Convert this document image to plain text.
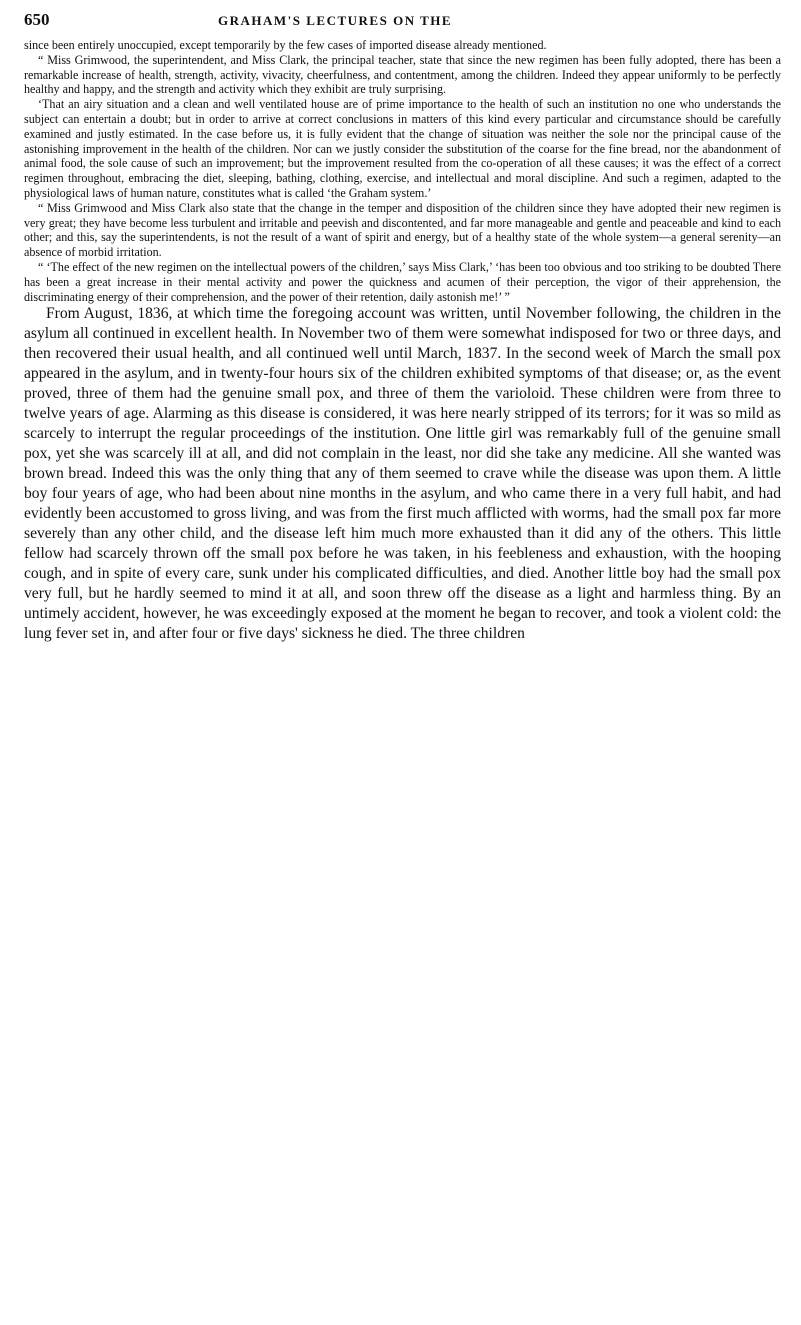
650	GRAHAM'S LECTURES ON THE

since been entirely unoccupied, except temporarily by the few cases of imported disease already mentioned.

“ Miss Grimwood, the superintendent, and Miss Clark, the principal teacher, state that since the new regimen has been fully adopted, there has been a remarkable increase of health, strength, activity, vivacity, cheerfulness, and contentment, among the children. Indeed they appear uniformly to be perfectly healthy and happy, and the strength and activity which they exhibit are truly surprising.

‘That an airy situation and a clean and well ventilated house are of prime importance to the health of such an institution no one who understands the subject can entertain a doubt; but in order to arrive at correct conclusions in matters of this kind every particular and circumstance should be carefully examined and justly estimated. In the case before us, it is fully evident that the change of situation was neither the sole nor the principal cause of the astonishing improvement in the health of the children. Nor can we justly consider the substitution of the coarse for the fine bread, nor the abandonment of animal food, the sole cause of such an improvement; but the improvement resulted from the co-operation of all these causes; it was the effect of a correct regimen throughout, embracing the diet, sleeping, bathing, clothing, exercise, and intellectual and moral discipline. And such a regimen, adapted to the physiological laws of human nature, constitutes what is called ‘the Graham system.’

“ Miss Grimwood and Miss Clark also state that the change in the temper and disposition of the children since they have adopted their new regimen is very great; they have become less turbulent and irritable and peevish and discontented, and far more manageable and gentle and peaceable and kind to each other; and this, say the superintendents, is not the result of a want of spirit and energy, but of a healthy state of the whole system—a general serenity—an absence of morbid irritation.

“ ‘The effect of the new regimen on the intellectual powers of the children,’ says Miss Clark,’ ‘has been too obvious and too striking to be doubted There has been a great increase in their mental activity and power the quickness and acumen of their perception, the vigor of their apprehension, the discriminating energy of their comprehension, and the power of their retention, daily astonish me!’ ”

From August, 1836, at which time the foregoing account was written, until November following, the children in the asylum all continued in excellent health. In November two of them were somewhat indisposed for two or three days, and then recovered their usual health, and all continued well until March, 1837. In the second week of March the small pox appeared in the asylum, and in twenty-four hours six of the children exhibited symptoms of that disease; or, as the event proved, three of them had the genuine small pox, and three of them the varioloid. These children were from three to twelve years of age. Alarming as this disease is considered, it was here nearly stripped of its terrors; for it was so mild as scarcely to interrupt the regular proceedings of the institution. One little girl was remarkably full of the genuine small pox, yet she was scarcely ill at all, and did not complain in the least, nor did she take any medicine. All she wanted was brown bread. Indeed this was the only thing that any of them seemed to crave while the disease was upon them. A little boy four years of age, who had been about nine months in the asylum, and who came there in a very full habit, and had evidently been accustomed to gross living, and was from the first much afflicted with worms, had the small pox far more severely than any other child, and the disease left him much more exhausted than it did any of the others. This little fellow had scarcely thrown off the small pox before he was taken, in his feebleness and exhaustion, with the hooping cough, and in spite of every care, sunk under his complicated difficulties, and died. Another little boy had the small pox very full, but he hardly seemed to mind it at all, and soon threw off the disease as a light and harmless thing. By an untimely accident, however, he was exceedingly exposed at the moment he began to recover, and took a violent cold: the lung fever set in, and after four or five days' sickness he died. The three children
